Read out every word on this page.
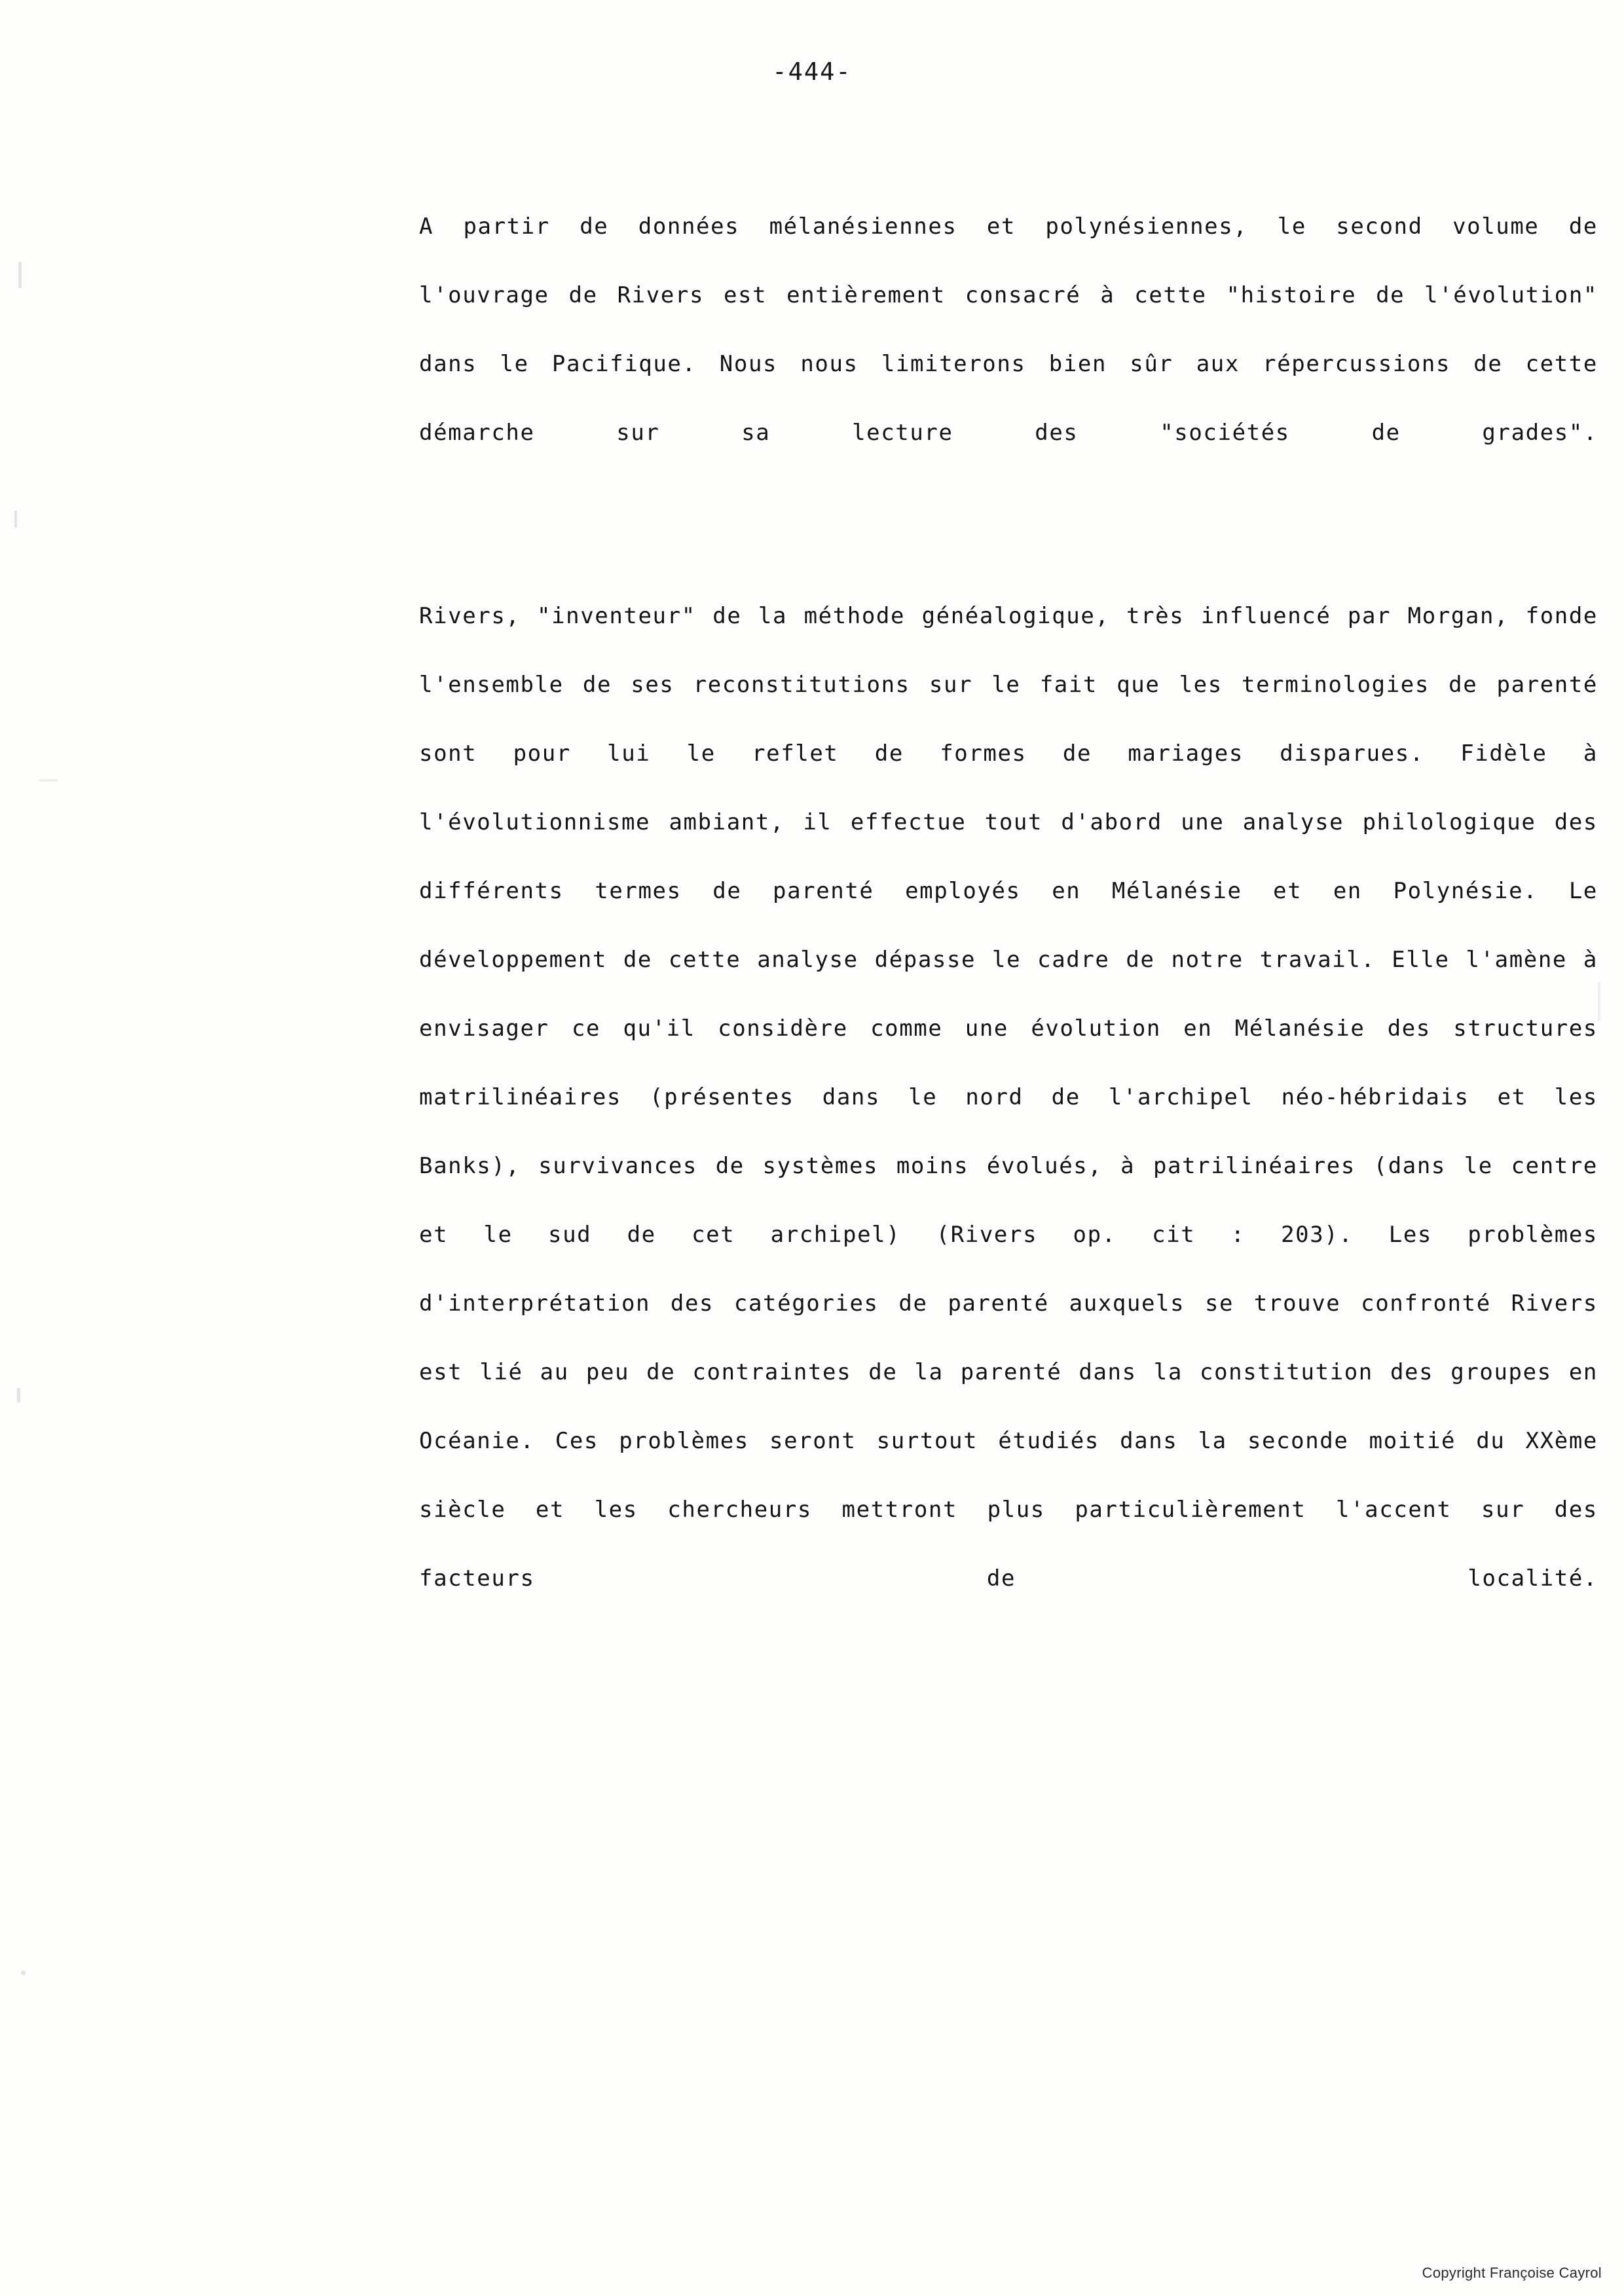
-444-

A partir de données mélanésiennes et polynésiennes, le second volume de l'ouvrage de Rivers est entièrement consacré à cette "histoire de l'évolution" dans le Pacifique. Nous nous limiterons bien sûr aux répercussions de cette démarche sur sa lecture des "sociétés de grades".

Rivers, "inventeur" de la méthode généalogique, très influencé par Morgan, fonde l'ensemble de ses reconstitutions sur le fait que les terminologies de parenté sont pour lui le reflet de formes de mariages disparues. Fidèle à l'évolutionnisme ambiant, il effectue tout d'abord une analyse philologique des différents termes de parenté employés en Mélanésie et en Polynésie. Le développement de cette analyse dépasse le cadre de notre travail. Elle l'amène à envisager ce qu'il considère comme une évolution en Mélanésie des structures matrilinéaires (présentes dans le nord de l'archipel néo-hébridais et les Banks), survivances de systèmes moins évolués, à patrilinéaires (dans le centre et le sud de cet archipel) (Rivers op. cit : 203). Les problèmes d'interprétation des catégories de parenté auxquels se trouve confronté Rivers est lié au peu de contraintes de la parenté dans la constitution des groupes en Océanie. Ces problèmes seront surtout étudiés dans la seconde moitié du XXème siècle et les chercheurs mettront plus particulièrement l'accent sur des facteurs de localité.

Copyright Françoise Cayrol
